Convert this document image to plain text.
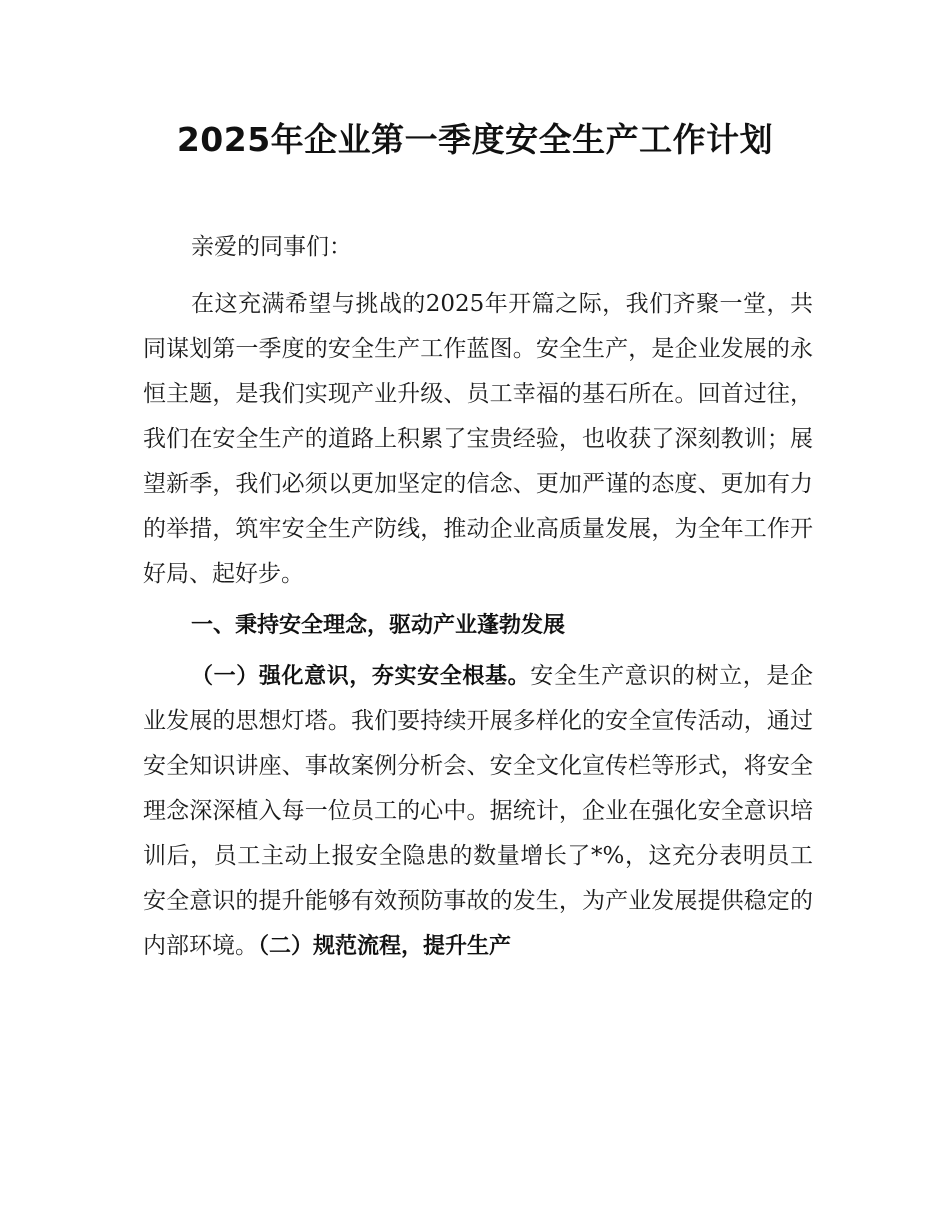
2025年企业第一季度安全生产工作计划

亲爱的同事们：

在这充满希望与挑战的2025年开篇之际，我们齐聚一堂，共同谋划第一季度的安全生产工作蓝图。安全生产，是企业发展的永恒主题，是我们实现产业升级、员工幸福的基石所在。回首过往，我们在安全生产的道路上积累了宝贵经验，也收获了深刻教训；展望新季，我们必须以更加坚定的信念、更加严谨的态度、更加有力的举措，筑牢安全生产防线，推动企业高质量发展，为全年工作开好局、起好步。

一、秉持安全理念，驱动产业蓬勃发展

（一）强化意识，夯实安全根基。安全生产意识的树立，是企业发展的思想灯塔。我们要持续开展多样化的安全宣传活动，通过安全知识讲座、事故案例分析会、安全文化宣传栏等形式，将安全理念深深植入每一位员工的心中。据统计，企业在强化安全意识培训后，员工主动上报安全隐患的数量增长了*%，这充分表明员工安全意识的提升能够有效预防事故的发生，为产业发展提供稳定的内部环境。（二）规范流程，提升生产
